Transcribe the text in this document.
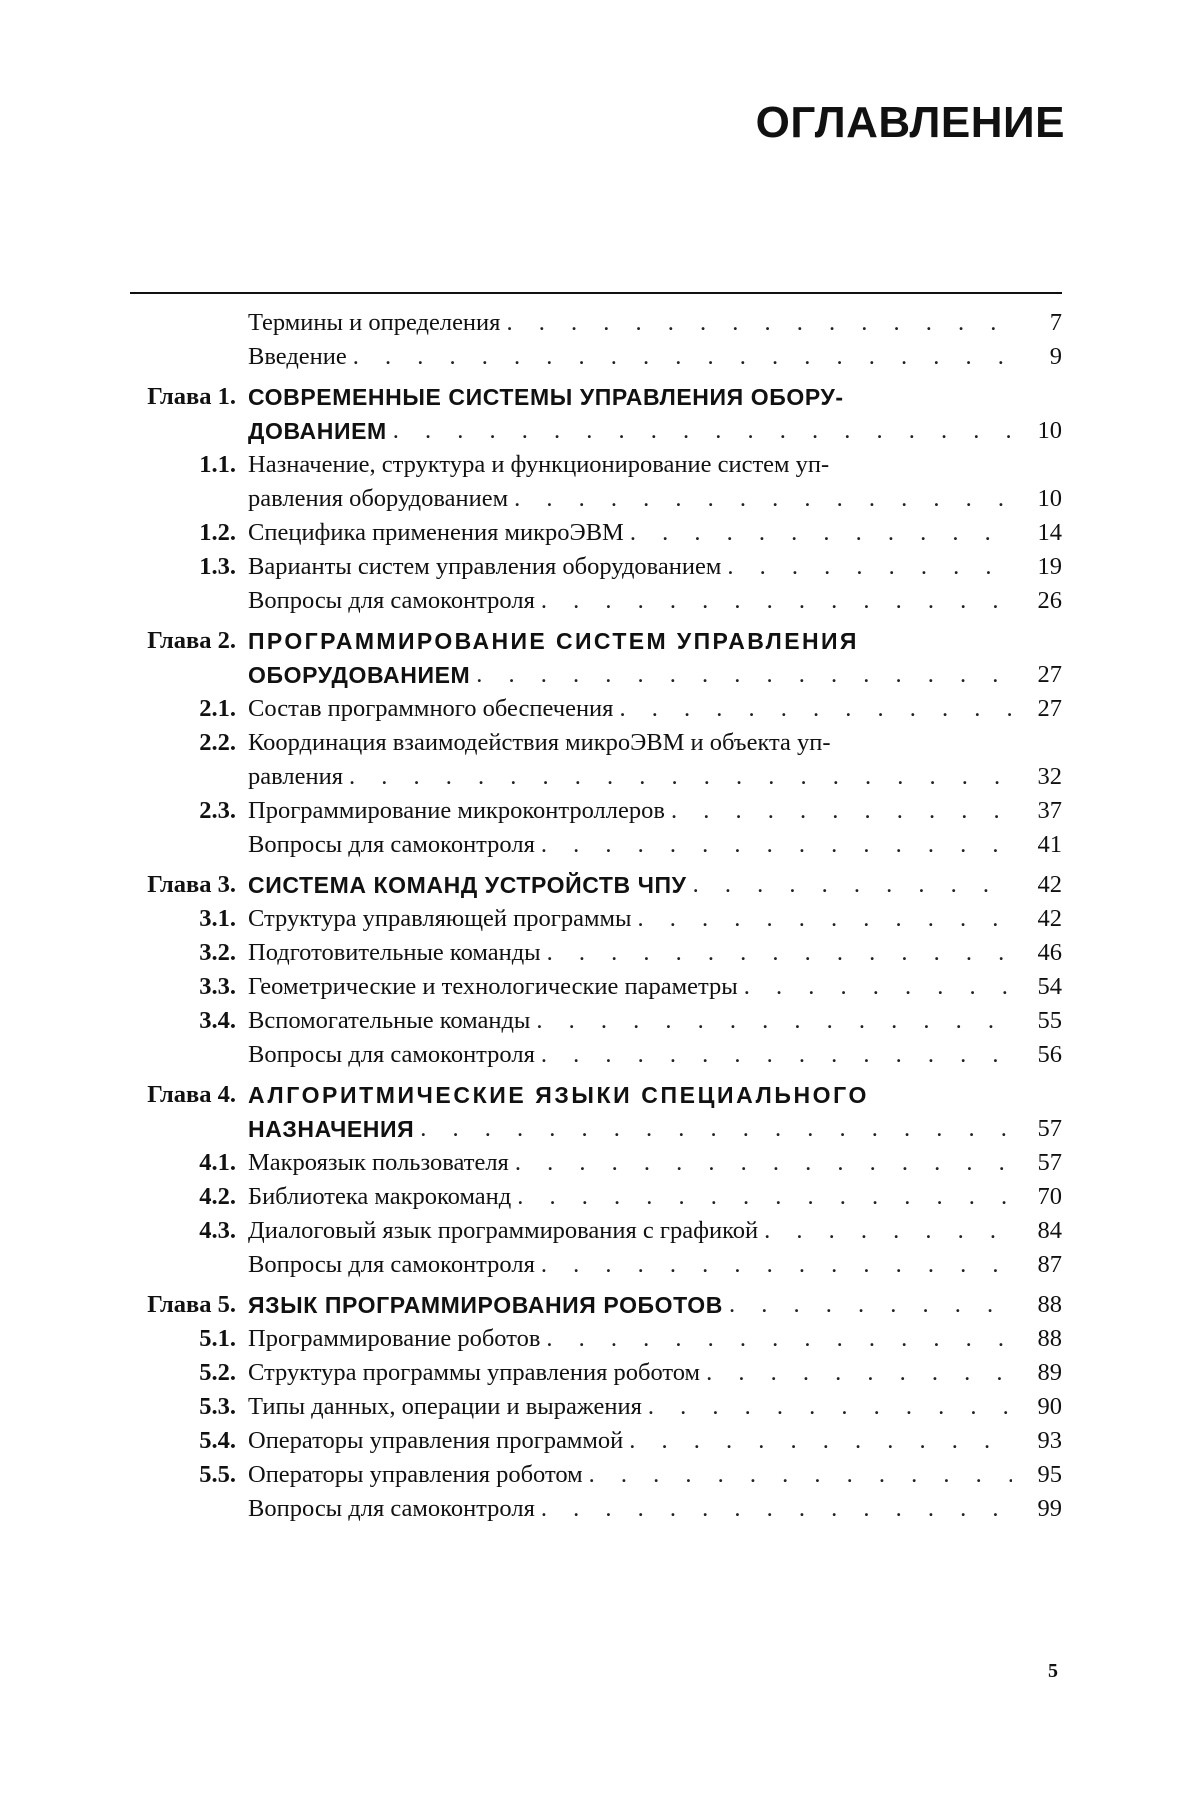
ОГЛАВЛЕНИЕ
Термины и определения . . .	7
Введение . . .	9
Глава 1. СОВРЕМЕННЫЕ СИСТЕМЫ УПРАВЛЕНИЯ ОБОРУ-
ДОВАНИЕМ . . .	10
1.1. Назначение, структура и функционирование систем уп-
равления оборудованием . . .	10
1.2. Специфика применения микроЭВМ . . .	14
1.3. Варианты систем управления оборудованием . . .	19
Вопросы для самоконтроля . . .	26
Глава 2. ПРОГРАММИРОВАНИЕ СИСТЕМ УПРАВЛЕНИЯ
ОБОРУДОВАНИЕМ . . .	27
2.1. Состав программного обеспечения . . .	27
2.2. Координация взаимодействия микроЭВМ и объекта уп-
равления . . .	32
2.3. Программирование микроконтроллеров . . .	37
Вопросы для самоконтроля . . .	41
Глава 3. СИСТЕМА КОМАНД УСТРОЙСТВ ЧПУ . . .	42
3.1. Структура управляющей программы . . .	42
3.2. Подготовительные команды . . .	46
3.3. Геометрические и технологические параметры . . .	54
3.4. Вспомогательные команды . . .	55
Вопросы для самоконтроля . . .	56
Глава 4. АЛГОРИТМИЧЕСКИЕ ЯЗЫКИ СПЕЦИАЛЬНОГО
НАЗНАЧЕНИЯ . . .	57
4.1. Макроязык пользователя . . .	57
4.2. Библиотека макрокоманд . . .	70
4.3. Диалоговый язык программирования с графикой . . .	84
Вопросы для самоконтроля . . .	87
Глава 5. ЯЗЫК ПРОГРАММИРОВАНИЯ РОБОТОВ . . .	88
5.1. Программирование роботов . . .	88
5.2. Структура программы управления роботом . . .	89
5.3. Типы данных, операции и выражения . . .	90
5.4. Операторы управления программой . . .	93
5.5. Операторы управления роботом . . .	95
Вопросы для самоконтроля . . .	99
5
